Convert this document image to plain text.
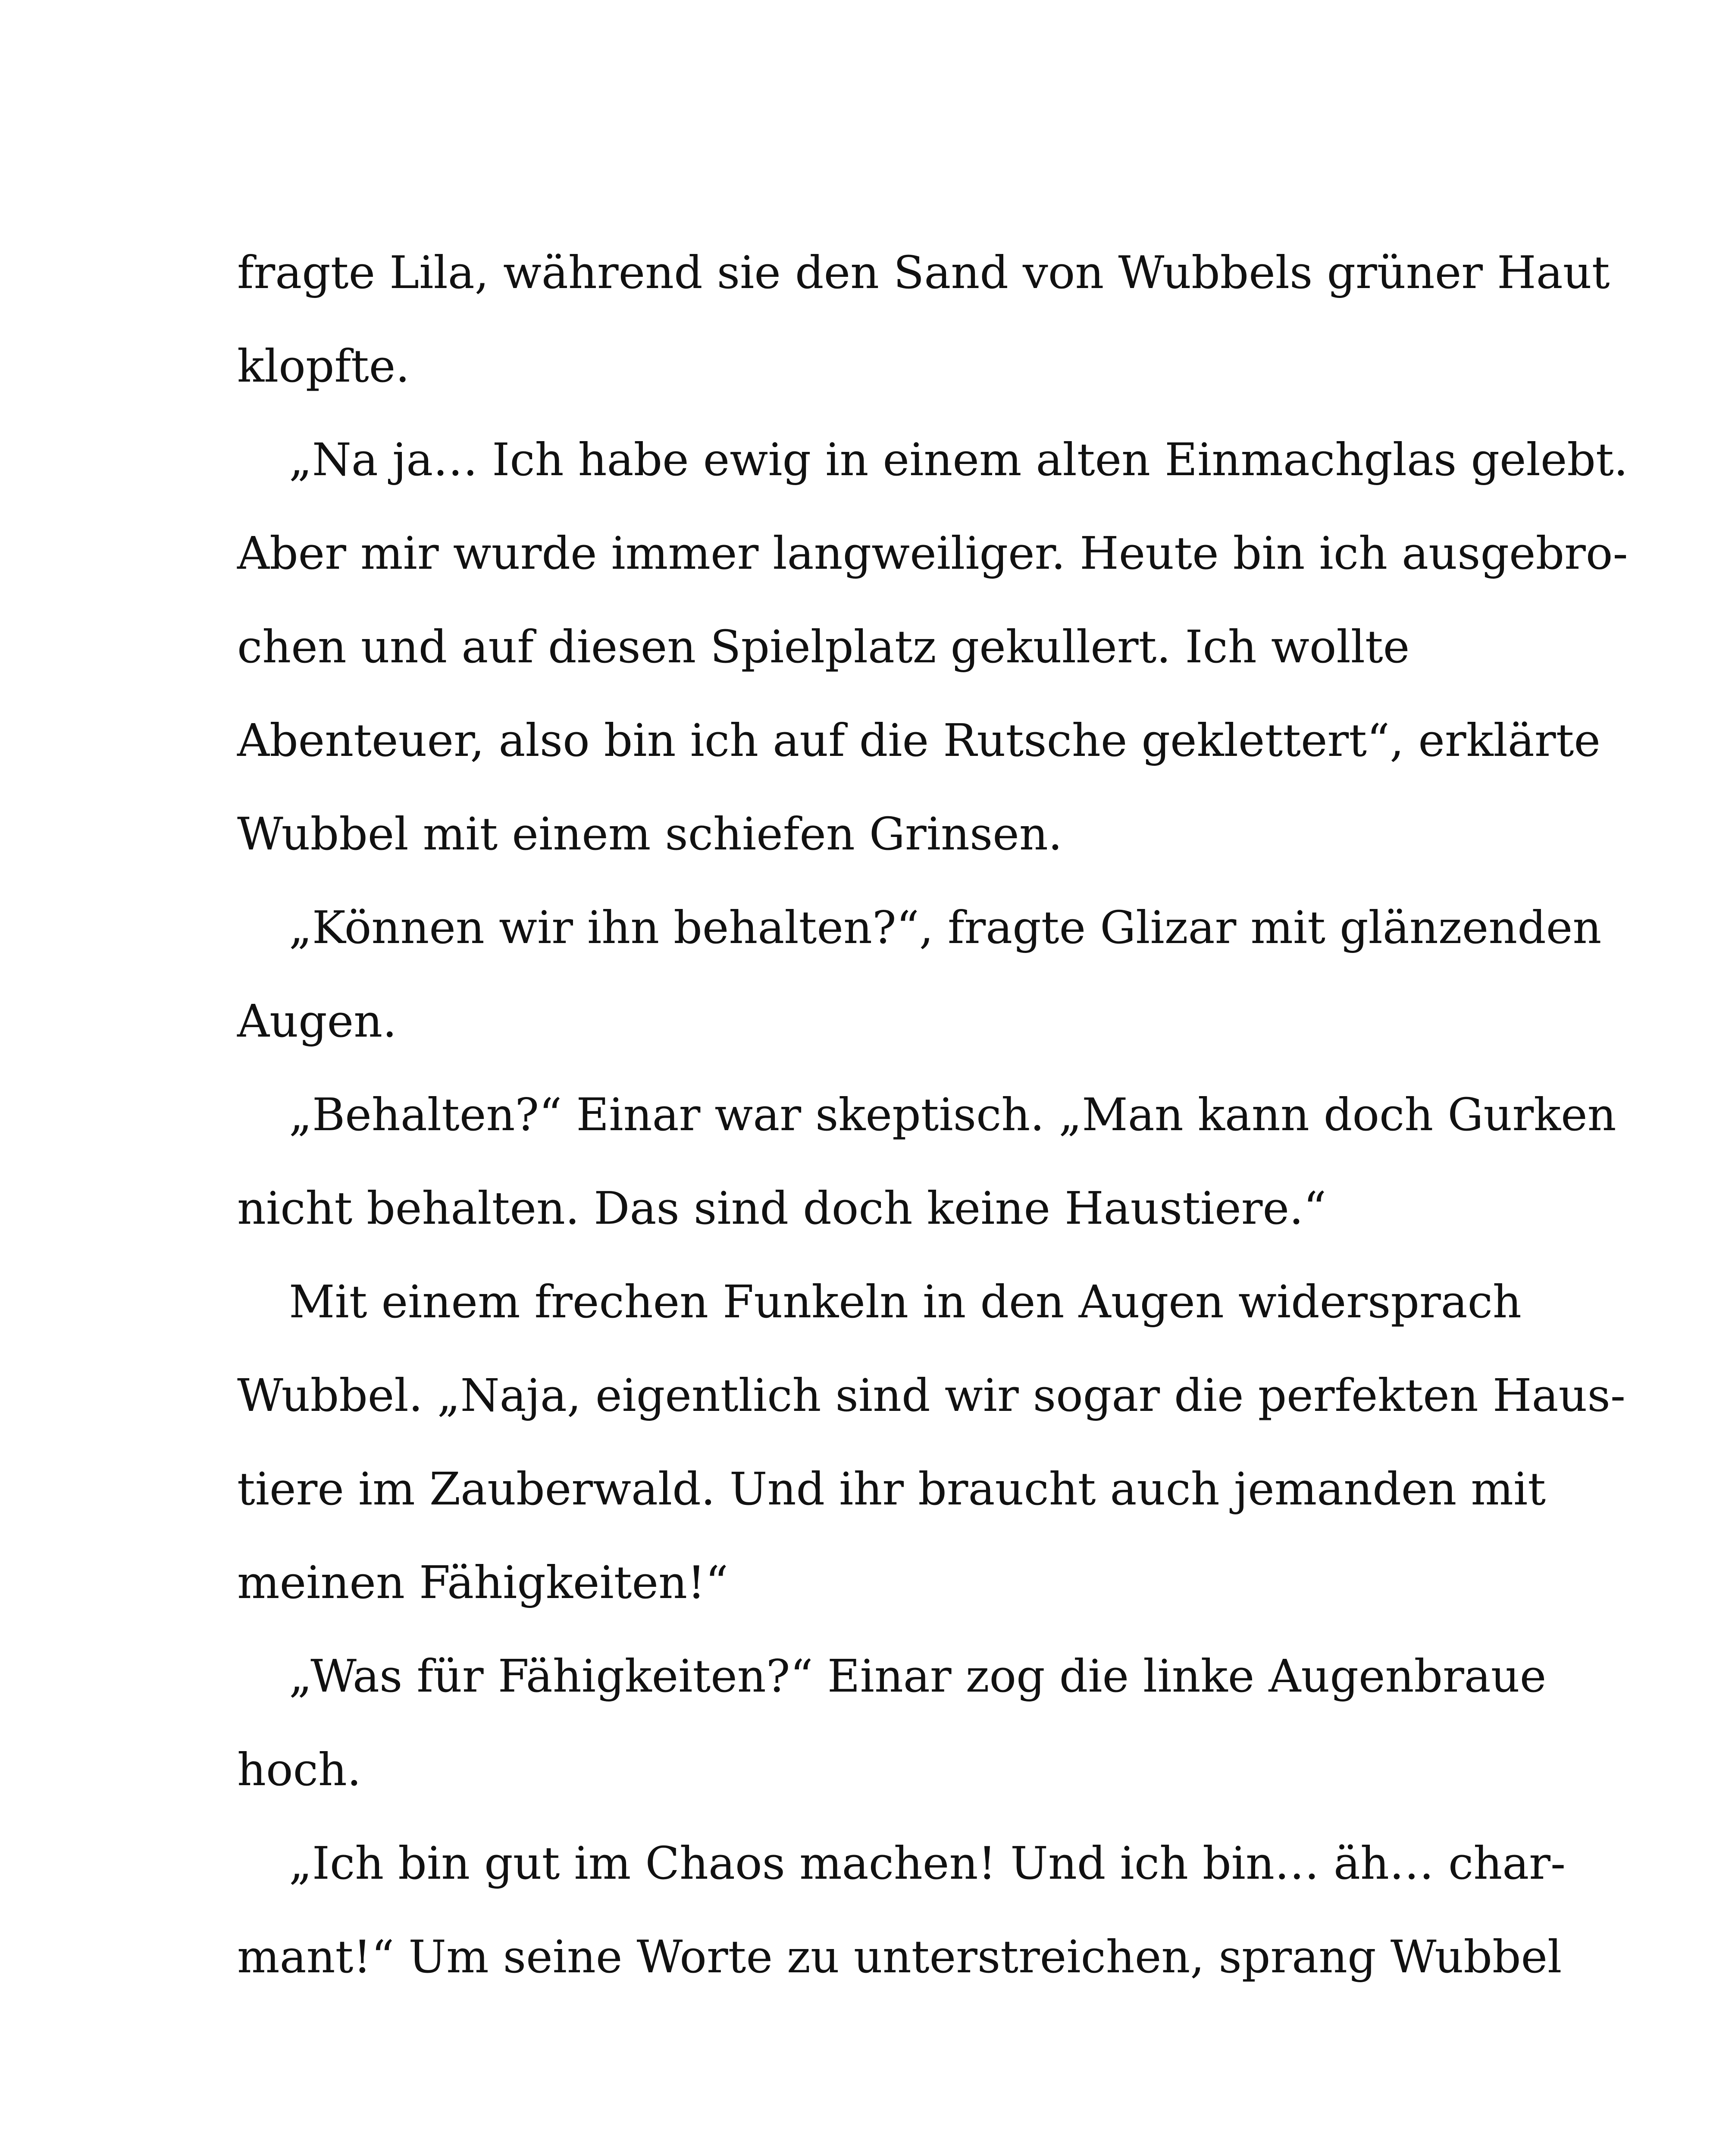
fragte Lila, während sie den Sand von Wubbels grüner Haut
klopfte.
„Na ja… Ich habe ewig in einem alten Einmachglas gelebt.
Aber mir wurde immer langweiliger. Heute bin ich ausgebro-
chen und auf diesen Spielplatz gekullert. Ich wollte
Abenteuer, also bin ich auf die Rutsche geklettert“, erklärte
Wubbel mit einem schiefen Grinsen.
„Können wir ihn behalten?“, fragte Glizar mit glänzenden
Augen.
„Behalten?“ Einar war skeptisch. „Man kann doch Gurken
nicht behalten. Das sind doch keine Haustiere.“
Mit einem frechen Funkeln in den Augen widersprach
Wubbel. „Naja, eigentlich sind wir sogar die perfekten Haus-
tiere im Zauberwald. Und ihr braucht auch jemanden mit
meinen Fähigkeiten!“
„Was für Fähigkeiten?“ Einar zog die linke Augenbraue
hoch.
„Ich bin gut im Chaos machen! Und ich bin… äh… char-
mant!“ Um seine Worte zu unterstreichen, sprang Wubbel
